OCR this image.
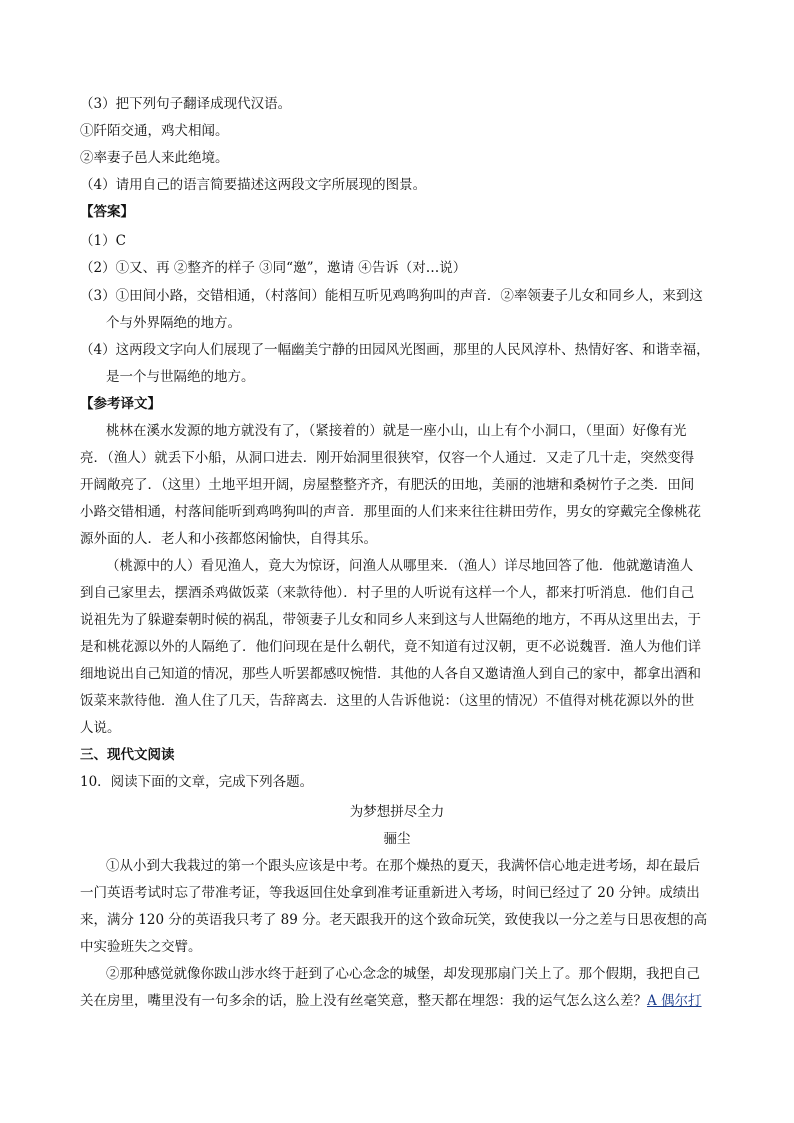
（3）把下列句子翻译成现代汉语。
①阡陌交通，鸡犬相闻。
②率妻子邑人来此绝境。
（4）请用自己的语言简要描述这两段文字所展现的图景。
【答案】
（1）C
（2）①又、再 ②整齐的样子 ③同“邀”，邀请 ④告诉（对…说）
（3）①田间小路，交错相通，（村落间）能相互听见鸡鸣狗叫的声音．②率领妻子儿女和同乡人，来到这
个与外界隔绝的地方。
（4）这两段文字向人们展现了一幅幽美宁静的田园风光图画，那里的人民风淳朴、热情好客、和谐幸福，
是一个与世隔绝的地方。
【参考译文】
桃林在溪水发源的地方就没有了，（紧接着的）就是一座小山，山上有个小洞口，（里面）好像有光
亮．（渔人）就丢下小船，从洞口进去．刚开始洞里很狭窄，仅容一个人通过．又走了几十走，突然变得
开阔敞亮了．（这里）土地平坦开阔，房屋整整齐齐，有肥沃的田地，美丽的池塘和桑树竹子之类．田间
小路交错相通，村落间能听到鸡鸣狗叫的声音．那里面的人们来来往往耕田劳作，男女的穿戴完全像桃花
源外面的人．老人和小孩都悠闲愉快，自得其乐。
（桃源中的人）看见渔人，竟大为惊讶，问渔人从哪里来．（渔人）详尽地回答了他．他就邀请渔人
到自己家里去，摆酒杀鸡做饭菜（来款待他）．村子里的人听说有这样一个人，都来打听消息．他们自己
说祖先为了躲避秦朝时候的祸乱，带领妻子儿女和同乡人来到这与人世隔绝的地方，不再从这里出去，于
是和桃花源以外的人隔绝了．他们问现在是什么朝代，竟不知道有过汉朝，更不必说魏晋．渔人为他们详
细地说出自己知道的情况，那些人听罢都感叹惋惜．其他的人各自又邀请渔人到自己的家中，都拿出酒和
饭菜来款待他．渔人住了几天，告辞离去．这里的人告诉他说：（这里的情况）不值得对桃花源以外的世
人说。
三、现代文阅读
10．阅读下面的文章，完成下列各题。
为梦想拼尽全力
骊尘
①从小到大我栽过的第一个跟头应该是中考。在那个燥热的夏天，我满怀信心地走进考场，却在最后
一门英语考试时忘了带准考证，等我返回住处拿到准考证重新进入考场，时间已经过了 20 分钟。成绩出
来，满分 120 分的英语我只考了 89 分。老天跟我开的这个致命玩笑，致使我以一分之差与日思夜想的高
中实验班失之交臂。
②那种感觉就像你跋山涉水终于赶到了心心念念的城堡，却发现那扇门关上了。那个假期，我把自己
关在房里，嘴里没有一句多余的话，脸上没有丝毫笑意，整天都在埋怨：我的运气怎么这么差？A 偶尔打
